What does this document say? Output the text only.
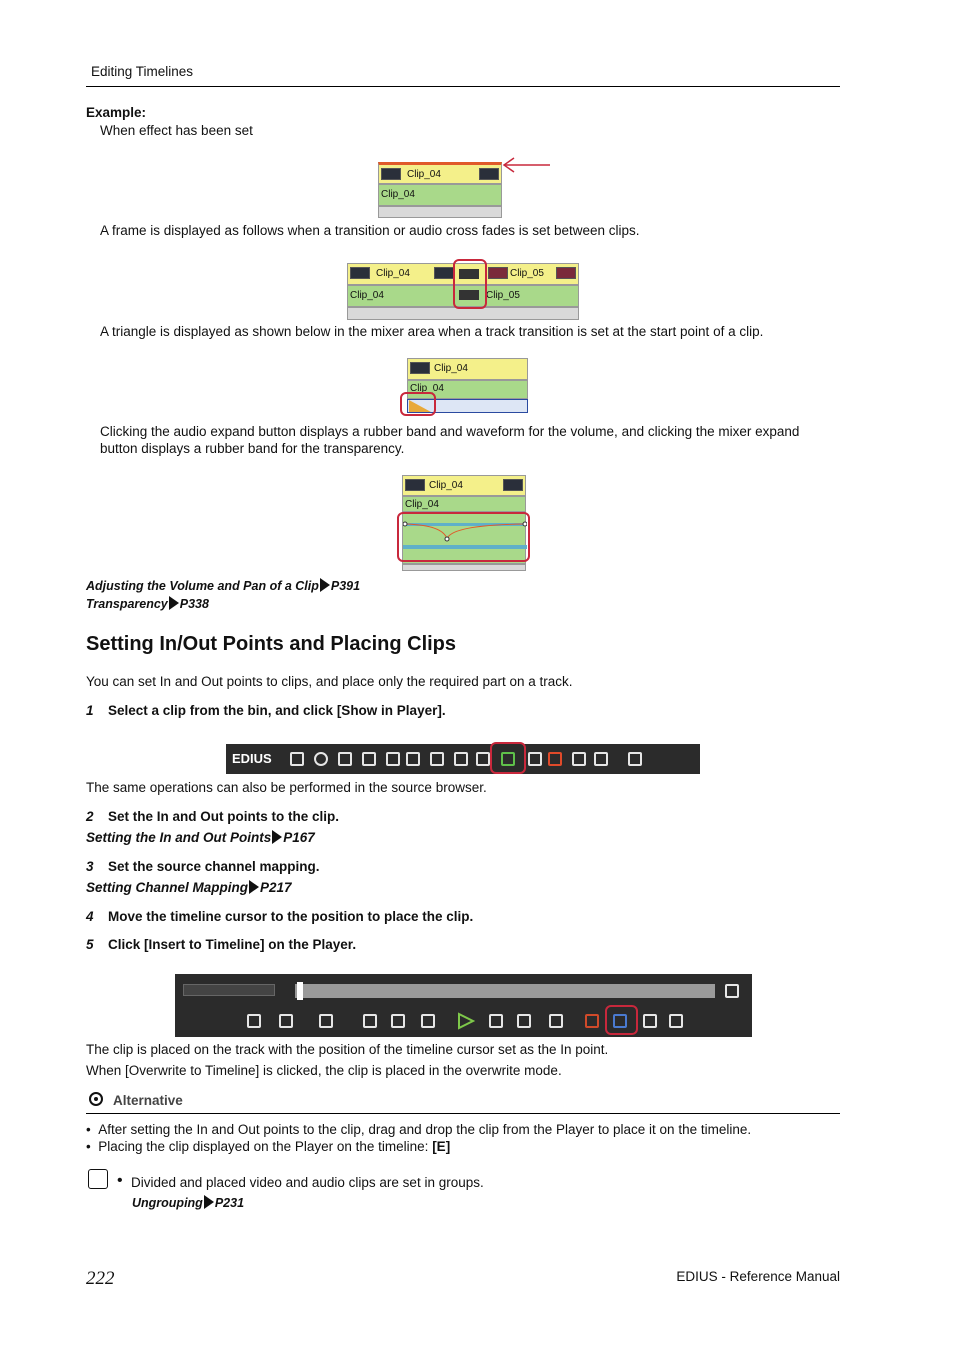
Editing Timelines
Example:
When effect has been set
Clip_04
Clip_04
A frame is displayed as follows when a transition or audio cross fades is set between clips.
Clip_04	Clip_05
Clip_04	Clip_05
A triangle is displayed as shown below in the mixer area when a track transition is set at the start point of a clip.
Clip_04
Clip_04
Clicking the audio expand button displays a rubber band and waveform for the volume, and clicking the mixer expand
button displays a rubber band for the transparency.
Clip_04
Clip_04
Adjusting the Volume and Pan of a Clip P391
Transparency P338
Setting In/Out Points and Placing Clips
You can set In and Out points to clips, and place only the required part on a track.
1 Select a clip from the bin, and click [Show in Player].
EDIUS
The same operations can also be performed in the source browser.
2 Set the In and Out points to the clip.
Setting the In and Out Points P167
3 Set the source channel mapping.
Setting Channel Mapping P217
4 Move the timeline cursor to the position to place the clip.
5 Click [Insert to Timeline] on the Player.
The clip is placed on the track with the position of the timeline cursor set as the In point.
When [Overwrite to Timeline] is clicked, the clip is placed in the overwrite mode.
Alternative
•  After setting the In and Out points to the clip, drag and drop the clip from the Player to place it on the timeline.
•  Placing the clip displayed on the Player on the timeline: [E]
• Divided and placed video and audio clips are set in groups.
Ungrouping P231
222	EDIUS - Reference Manual
